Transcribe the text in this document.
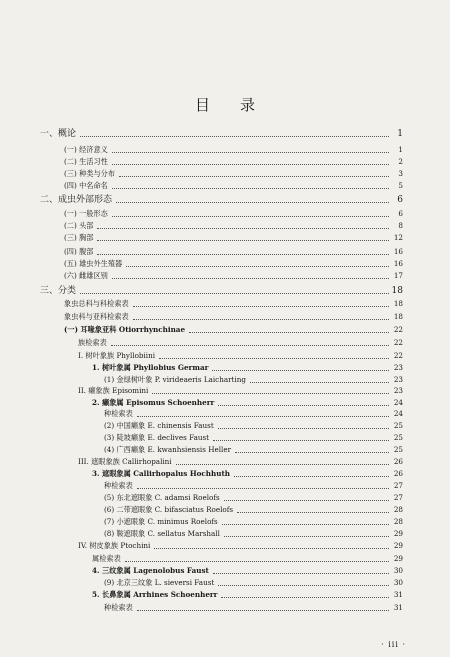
目录
一、概论	1
(一) 经济意义	1
(二) 生活习性	2
(三) 种类与分布	3
(四) 中名命名	5
二、成虫外部形态	6
(一) 一般形态	6
(二) 头部	8
(三) 胸部	12
(四) 腹部	16
(五) 雄虫外生殖器	16
(六) 雌雄区别	17
三、分类	18
象虫总科与科检索表	18
象虫科与亚科检索表	18
(一) 耳喙象亚科 Otiorrhynchinae	22
族检索表	22
I. 树叶象族 Phyllobiini	22
1. 树叶象属 Phyllobius Germar	23
(1) 金绿树叶象 P. virideaeris Laicharting	23
II. 癞象族 Episomini	23
2. 癞象属 Episomus Schoenherr	24
种检索表	24
(2) 中国癞象 E. chinensis Faust	25
(3) 陡坡癞象 E. declives Faust	25
(4) 广西癞象 E. kwanhsiensis Heller	25
III. 遮眼象族 Callirhopalini	26
3. 遮眼象属 Callirhopalus Hochhuth	26
种检索表	27
(5) 东北遮眼象 C. adamsi Roelofs	27
(6) 二带遮眼象 C. bifasciatus Roelofs	28
(7) 小遮眼象 C. minimus Roelofs	28
(8) 鞍遮眼象 C. sellatus Marshall	29
IV. 树皮象族 Ptochini	29
属检索表	29
4. 三纹象属 Lagenolobus Faust	30
(9) 北京三纹象 L. sieversi Faust	30
5. 长鼻象属 Arrhines Schoenherr	31
种检索表	31
· iii ·
